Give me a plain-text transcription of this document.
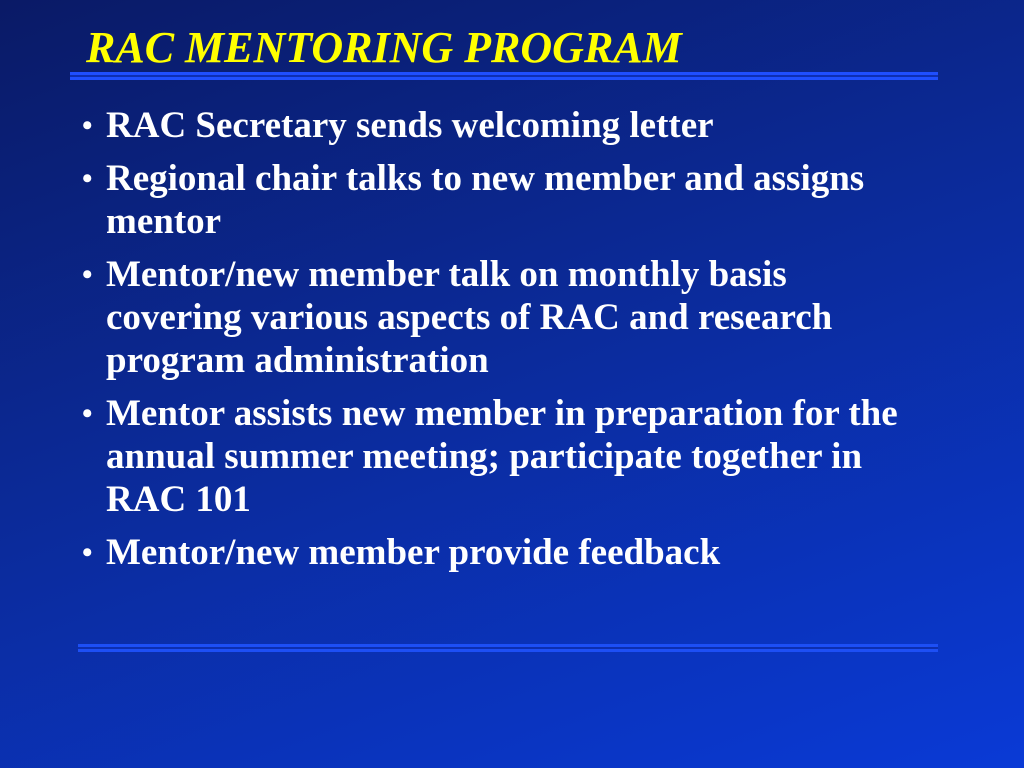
RAC MENTORING PROGRAM
• RAC Secretary sends welcoming letter
• Regional chair talks to new member and assigns mentor
• Mentor/new member talk on monthly basis covering various aspects of RAC and research program administration
• Mentor assists new member in preparation for the annual summer meeting; participate together in RAC 101
• Mentor/new member provide feedback
